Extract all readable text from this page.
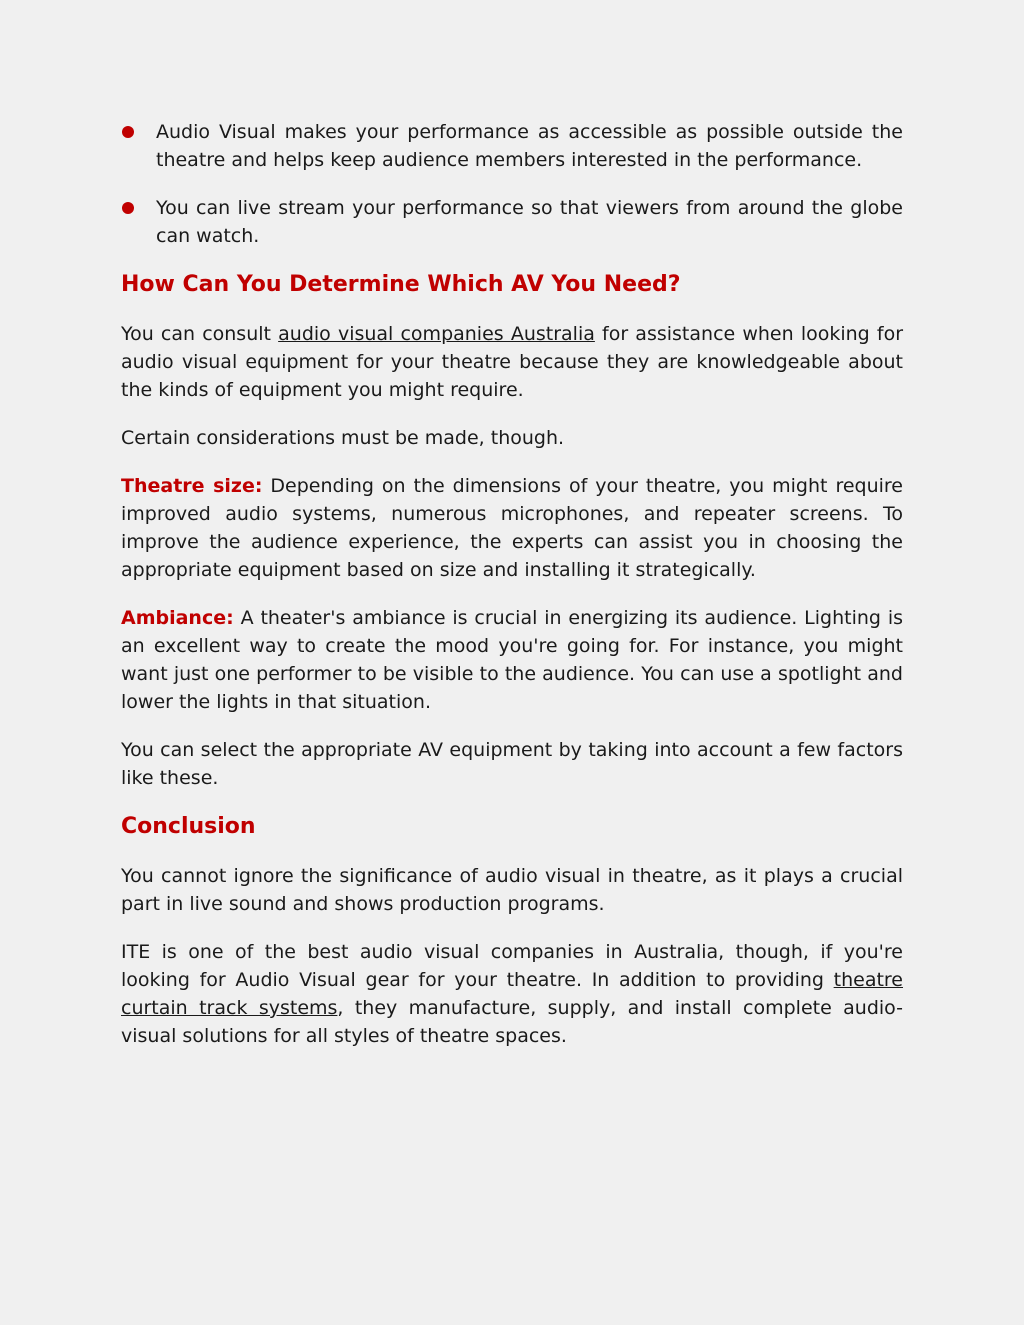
Audio Visual makes your performance as accessible as possible outside the theatre and helps keep audience members interested in the performance.
You can live stream your performance so that viewers from around the globe can watch.
How Can You Determine Which AV You Need?

You can consult audio visual companies Australia for assistance when looking for audio visual equipment for your theatre because they are knowledgeable about the kinds of equipment you might require.

Certain considerations must be made, though.

Theatre size: Depending on the dimensions of your theatre, you might require improved audio systems, numerous microphones, and repeater screens. To improve the audience experience, the experts can assist you in choosing the appropriate equipment based on size and installing it strategically.

Ambiance: A theater's ambiance is crucial in energizing its audience. Lighting is an excellent way to create the mood you're going for. For instance, you might want just one performer to be visible to the audience. You can use a spotlight and lower the lights in that situation.

You can select the appropriate AV equipment by taking into account a few factors like these.

Conclusion

You cannot ignore the significance of audio visual in theatre, as it plays a crucial part in live sound and shows production programs.

ITE is one of the best audio visual companies in Australia, though, if you're looking for Audio Visual gear for your theatre. In addition to providing theatre curtain track systems, they manufacture, supply, and install complete audio-visual solutions for all styles of theatre spaces.
